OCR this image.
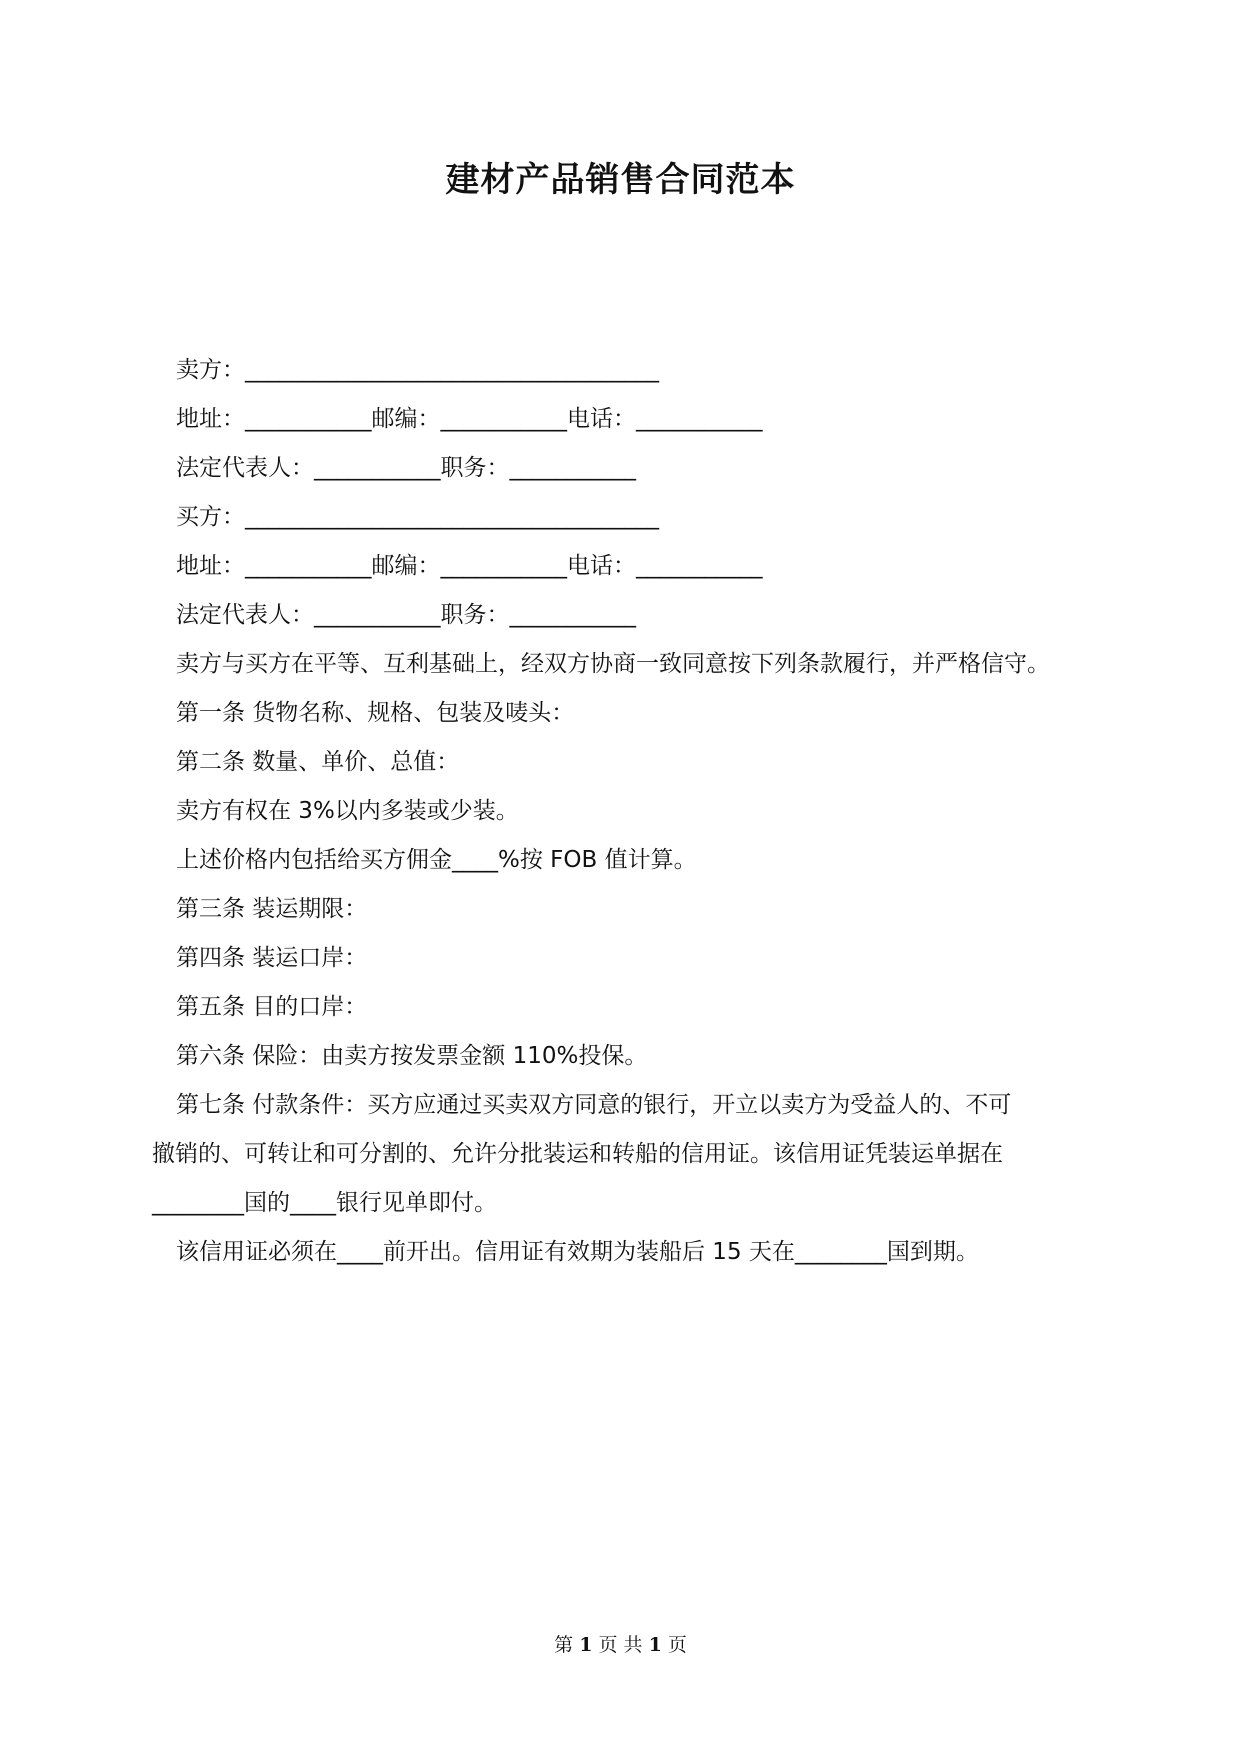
建材产品销售合同范本
卖方：____________________________________
地址：___________邮编：___________电话：___________
法定代表人：___________职务：___________
买方：____________________________________
地址：___________邮编：___________电话：___________
法定代表人：___________职务：___________
卖方与买方在平等、互利基础上，经双方协商一致同意按下列条款履行，并严格信守。
第一条 货物名称、规格、包装及唛头：
第二条 数量、单价、总值：
卖方有权在 3%以内多装或少装。
上述价格内包括给买方佣金____%按 FOB 值计算。
第三条 装运期限：
第四条 装运口岸：
第五条 目的口岸：
第六条 保险：由卖方按发票金额 110%投保。
第七条 付款条件：买方应通过买卖双方同意的银行，开立以卖方为受益人的、不可
撤销的、可转让和可分割的、允许分批装运和转船的信用证。该信用证凭装运单据在
________国的____银行见单即付。
该信用证必须在____前开出。信用证有效期为装船后 15 天在________国到期。
第 1 页 共 1 页
